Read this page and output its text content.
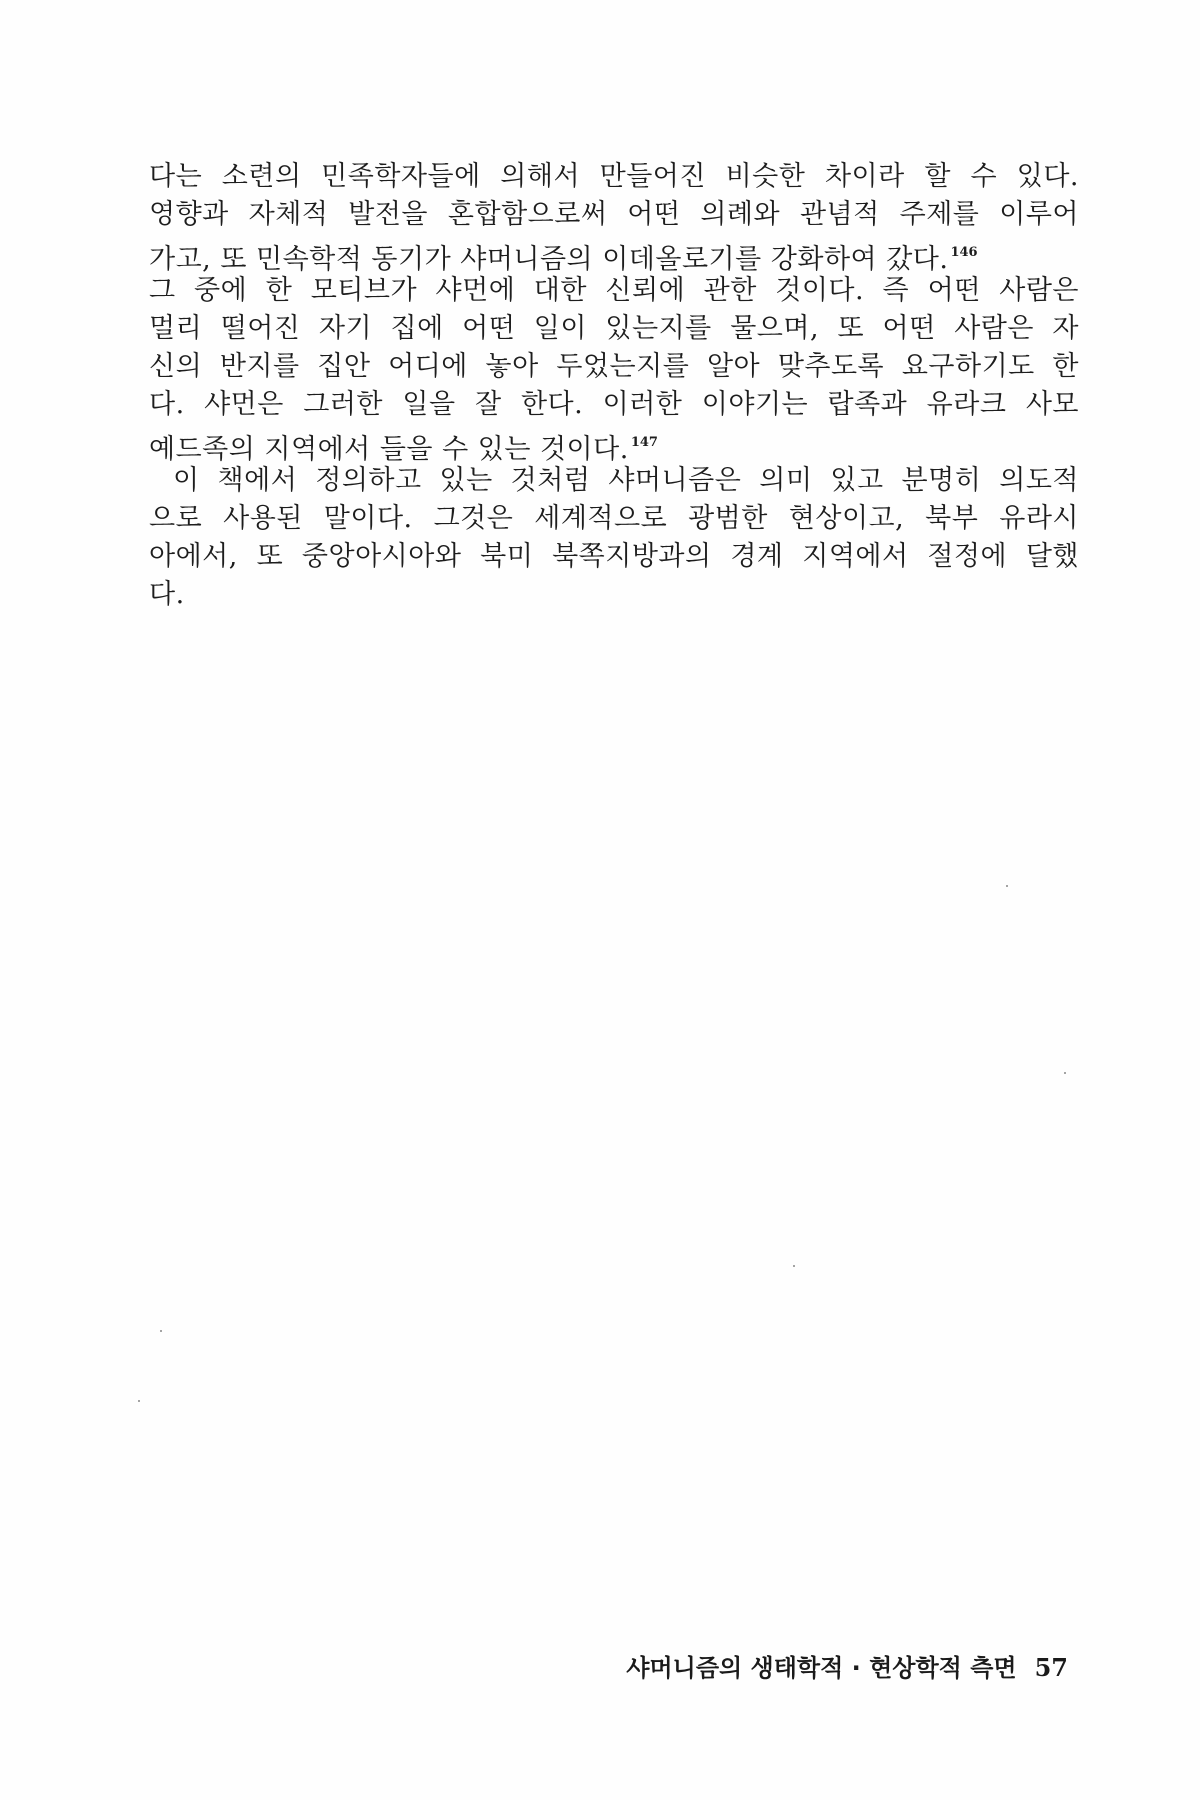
다는 소련의 민족학자들에 의해서 만들어진 비슷한 차이라 할 수 있다.
영향과 자체적 발전을 혼합함으로써 어떤 의례와 관념적 주제를 이루어
가고, 또 민속학적 동기가 샤머니즘의 이데올로기를 강화하여 갔다. $^{146}$
그 중에 한 모티브가 샤먼에 대한 신뢰에 관한 것이다. 즉 어떤 사람은
멀리 떨어진 자기 집에 어떤 일이 있는지를 물으며, 또 어떤 사람은 자
신의 반지를 집안 어디에 놓아 두었는지를 알아 맞추도록 요구하기도 한
다. 샤먼은 그러한 일을 잘 한다. 이러한 이야기는 랍족과 유라크 사모
예드족의 지역에서 들을 수 있는 것이다. $^{147}$
이 책에서 정의하고 있는 것처럼 샤머니즘은 의미 있고 분명히 의도적
으로 사용된 말이다. 그것은 세계적으로 광범한 현상이고, 북부 유라시
아에서, 또 중앙아시아와 북미 북쪽지방과의 경계 지역에서 절정에 달했
다.
샤머니즘의 생태학적 · 현상학적 측면 57
